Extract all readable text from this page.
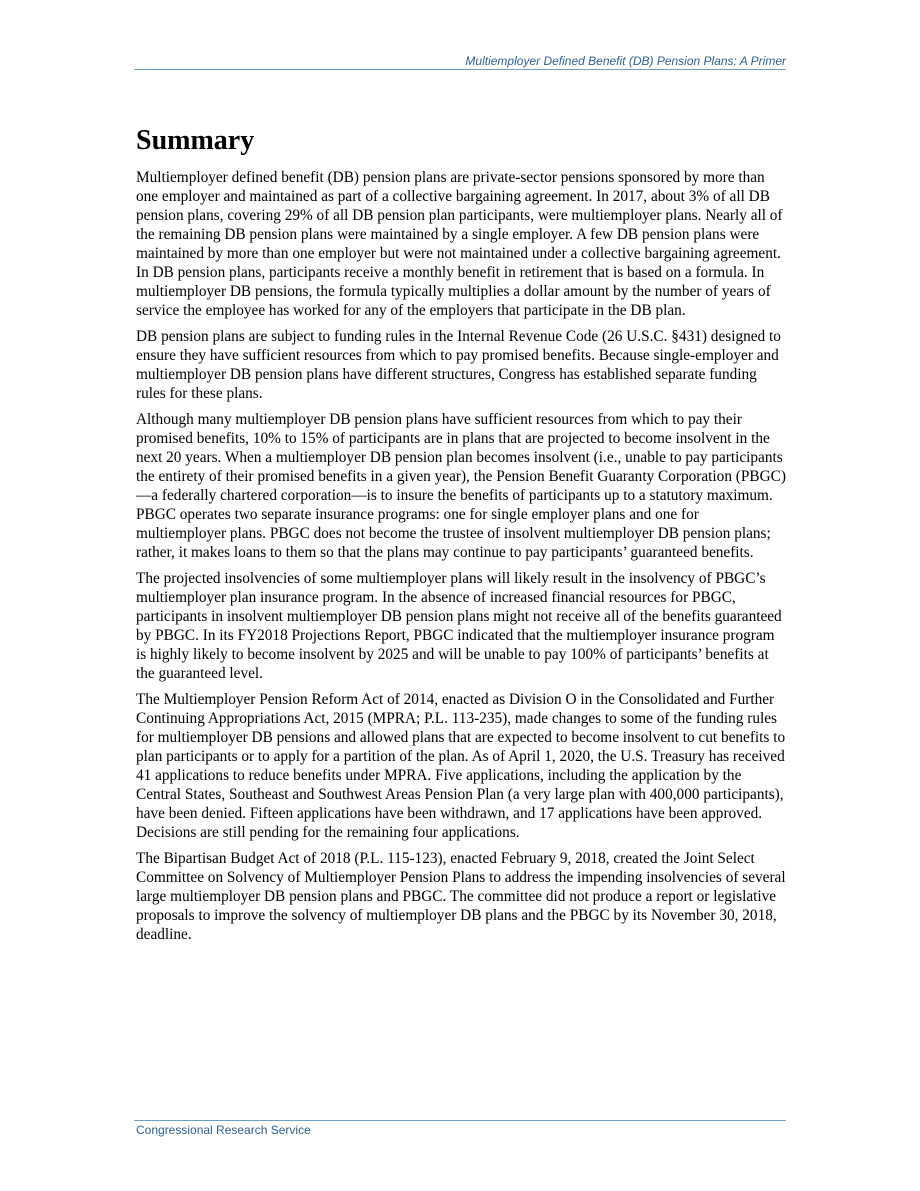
Multiemployer Defined Benefit (DB) Pension Plans: A Primer
Summary

Multiemployer defined benefit (DB) pension plans are private-sector pensions sponsored by more than one employer and maintained as part of a collective bargaining agreement. In 2017, about 3% of all DB pension plans, covering 29% of all DB pension plan participants, were multiemployer plans. Nearly all of the remaining DB pension plans were maintained by a single employer. A few DB pension plans were maintained by more than one employer but were not maintained under a collective bargaining agreement. In DB pension plans, participants receive a monthly benefit in retirement that is based on a formula. In multiemployer DB pensions, the formula typically multiplies a dollar amount by the number of years of service the employee has worked for any of the employers that participate in the DB plan.

DB pension plans are subject to funding rules in the Internal Revenue Code (26 U.S.C. §431) designed to ensure they have sufficient resources from which to pay promised benefits. Because single-employer and multiemployer DB pension plans have different structures, Congress has established separate funding rules for these plans.

Although many multiemployer DB pension plans have sufficient resources from which to pay their promised benefits, 10% to 15% of participants are in plans that are projected to become insolvent in the next 20 years. When a multiemployer DB pension plan becomes insolvent (i.e., unable to pay participants the entirety of their promised benefits in a given year), the Pension Benefit Guaranty Corporation (PBGC)—a federally chartered corporation—is to insure the benefits of participants up to a statutory maximum. PBGC operates two separate insurance programs: one for single employer plans and one for multiemployer plans. PBGC does not become the trustee of insolvent multiemployer DB pension plans; rather, it makes loans to them so that the plans may continue to pay participants’ guaranteed benefits.

The projected insolvencies of some multiemployer plans will likely result in the insolvency of PBGC’s multiemployer plan insurance program. In the absence of increased financial resources for PBGC, participants in insolvent multiemployer DB pension plans might not receive all of the benefits guaranteed by PBGC. In its FY2018 Projections Report, PBGC indicated that the multiemployer insurance program is highly likely to become insolvent by 2025 and will be unable to pay 100% of participants’ benefits at the guaranteed level.

The Multiemployer Pension Reform Act of 2014, enacted as Division O in the Consolidated and Further Continuing Appropriations Act, 2015 (MPRA; P.L. 113-235), made changes to some of the funding rules for multiemployer DB pensions and allowed plans that are expected to become insolvent to cut benefits to plan participants or to apply for a partition of the plan. As of April 1, 2020, the U.S. Treasury has received 41 applications to reduce benefits under MPRA. Five applications, including the application by the Central States, Southeast and Southwest Areas Pension Plan (a very large plan with 400,000 participants), have been denied. Fifteen applications have been withdrawn, and 17 applications have been approved. Decisions are still pending for the remaining four applications.

The Bipartisan Budget Act of 2018 (P.L. 115-123), enacted February 9, 2018, created the Joint Select Committee on Solvency of Multiemployer Pension Plans to address the impending insolvencies of several large multiemployer DB pension plans and PBGC. The committee did not produce a report or legislative proposals to improve the solvency of multiemployer DB plans and the PBGC by its November 30, 2018, deadline.

Congressional Research Service
